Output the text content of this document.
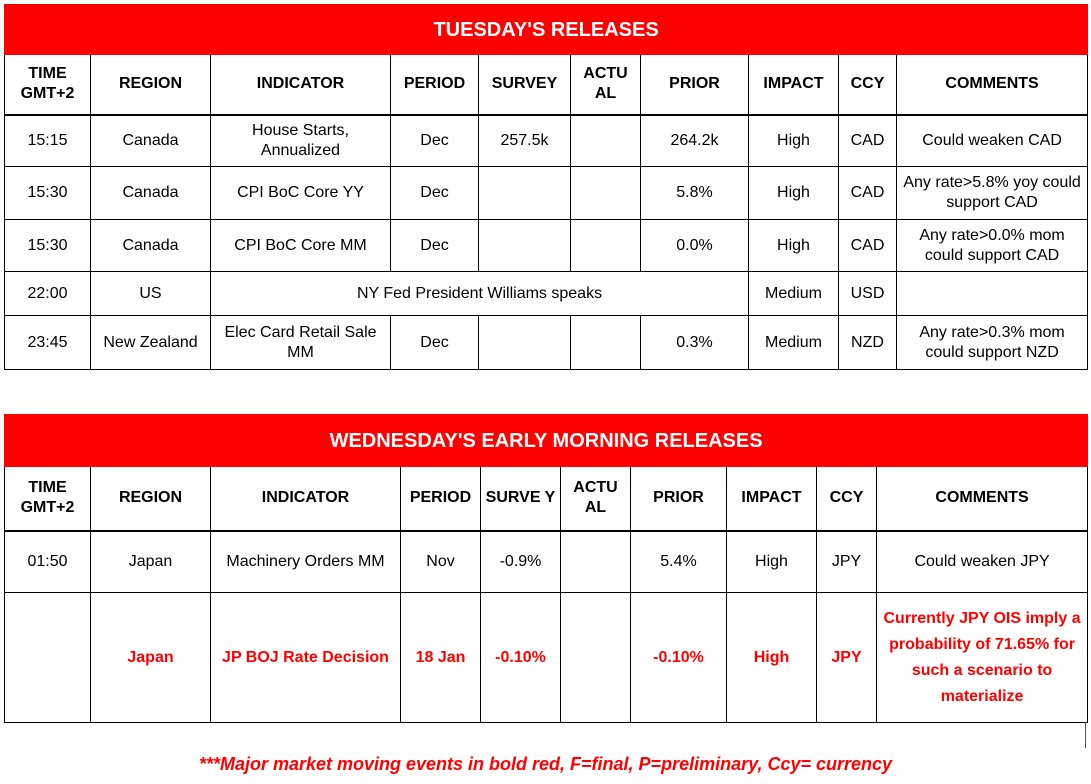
TUESDAY'S RELEASES									
TIME GMT+2	REGION	INDICATOR	PERIOD	SURVEY	ACTU AL	PRIOR	IMPACT	CCY	COMMENTS
15:15	Canada	House Starts, Annualized	Dec	257.5k		264.2k	High	CAD	Could weaken CAD
15:30	Canada	CPI BoC Core YY	Dec			5.8%	High	CAD	Any rate>5.8% yoy could support CAD
15:30	Canada	CPI BoC Core MM	Dec			0.0%	High	CAD	Any rate>0.0% mom could support CAD
22:00	US	NY Fed President Williams speaks					Medium	USD	
23:45	New Zealand	Elec Card Retail Sale MM	Dec			0.3%	Medium	NZD	Any rate>0.3% mom could support NZD
WEDNESDAY'S EARLY MORNING RELEASES									
TIME GMT+2	REGION	INDICATOR	PERIOD	SURVE Y	ACTU AL	PRIOR	IMPACT	CCY	COMMENTS
01:50	Japan	Machinery Orders MM	Nov	-0.9%		5.4%	High	JPY	Could weaken JPY
	Japan	JP BOJ Rate Decision	18 Jan	-0.10%		-0.10%	High	JPY	Currently JPY OIS imply a probability of 71.65% for such a scenario to materialize
***Major market moving events in bold red, F=final, P=preliminary, Ccy= currency
